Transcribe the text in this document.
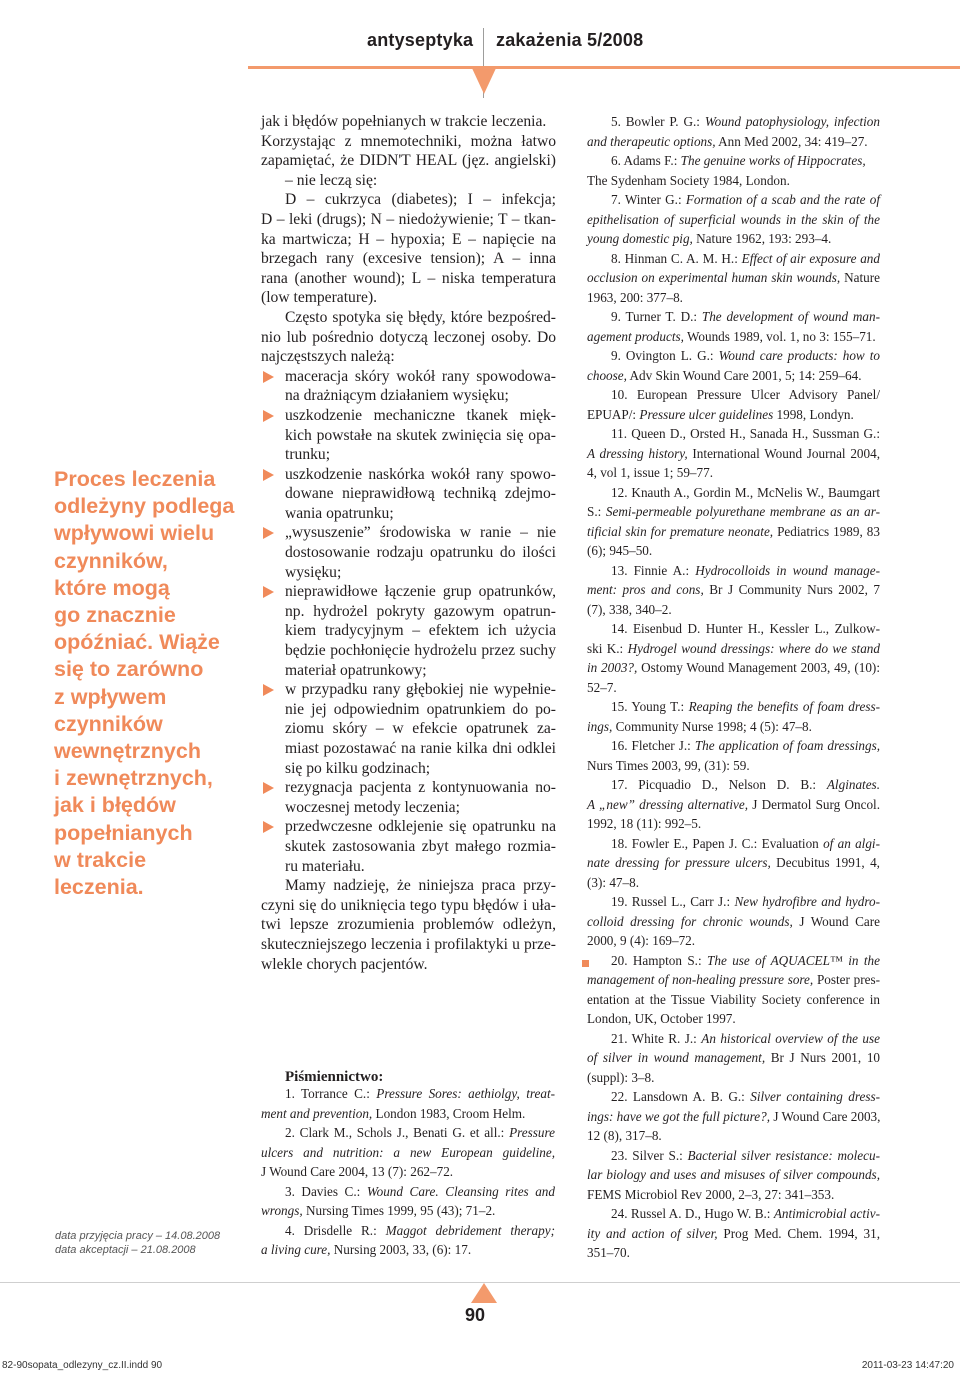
antyseptyka zakażenia 5/2008
Proces leczenia
odleżyny podlega
wpływowi wielu
czynników,
które mogą
go znacznie
opóźniać. Wiąże
się to zarówno
z wpływem
czynników
wewnętrznych
i zewnętrznych,
jak i błędów
popełnianych
w trakcie
leczenia.
data przyjęcia pracy – 14.08.2008
data akceptacji – 21.08.2008
jak i błędów popełnianych w trakcie leczenia.
Korzystając z mnemotechniki, można łatwo
zapamiętać, że DIDN'T HEAL (jęz. angielski)
– nie leczą się:
D – cukrzyca (diabetes); I – infekcja;
D – leki (drugs); N – niedożywienie; T – tkan-
ka martwicza; H – hypoxia; E – napięcie na
brzegach rany (excesive tension); A – inna
rana (another wound); L – niska temperatura
(low temperature).
Często spotyka się błędy, które bezpośred-
nio lub pośrednio dotyczą leczonej osoby. Do
najczęstszych należą:
maceracja skóry wokół rany spowodowa-
na drażniącym działaniem wysięku;
uszkodzenie mechaniczne tkanek mięk-
kich powstałe na skutek zwinięcia się opa-
trunku;
uszkodzenie naskórka wokół rany spowo-
dowane nieprawidłową techniką zdejmo-
wania opatrunku;
„wysuszenie” środowiska w ranie – nie
dostosowanie rodzaju opatrunku do ilości
wysięku;
nieprawidłowe łączenie grup opatrunków,
np. hydrożel pokryty gazowym opatrun-
kiem tradycyjnym – efektem ich użycia
będzie pochłonięcie hydrożelu przez suchy
materiał opatrunkowy;
w przypadku rany głębokiej nie wypełnie-
nie jej odpowiednim opatrunkiem do po-
ziomu skóry – w efekcie opatrunek za-
miast pozostawać na ranie kilka dni odklei
się po kilku godzinach;
rezygnacja pacjenta z kontynuowania no-
woczesnej metody leczenia;
przedwczesne odklejenie się opatrunku na
skutek zastosowania zbyt małego rozmia-
ru materiału.
Mamy nadzieję, że niniejsza praca przy-
czyni się do uniknięcia tego typu błędów i uła-
twi lepsze zrozumienia problemów odleżyn,
skuteczniejszego leczenia i profilaktyki u prze-
wlekle chorych pacjentów.
Piśmiennictwo:
1. Torrance C.: Pressure Sores: aethiolgy, treat-
ment and prevention, London 1983, Croom Helm.
2. Clark M., Schols J., Benati G. et all.: Pressure
ulcers and nutrition: a new European guideline,
J Wound Care 2004, 13 (7): 262–72.
3. Davies C.: Wound Care. Cleansing rites and
wrongs, Nursing Times 1999, 95 (43); 71–2.
4. Drisdelle R.: Maggot debridement therapy;
a living cure, Nursing 2003, 33, (6): 17.
5. Bowler P. G.: Wound patophysiology, infection
and therapeutic options, Ann Med 2002, 34: 419–27.
6. Adams F.: The genuine works of Hippocrates,
The Sydenham Society 1984, London.
7. Winter G.: Formation of a scab and the rate of
epithelisation of superficial wounds in the skin of the
young domestic pig, Nature 1962, 193: 293–4.
8. Hinman C. A. M. H.: Effect of air exposure and
occlusion on experimental human skin wounds, Nature
1963, 200: 377–8.
9. Turner T. D.: The development of wound man-
agement products, Wounds 1989, vol. 1, no 3: 155–71.
9. Ovington L. G.: Wound care products: how to
choose, Adv Skin Wound Care 2001, 5; 14: 259–64.
10. European Pressure Ulcer Advisory Panel/
EPUAP/: Pressure ulcer guidelines 1998, Londyn.
11. Queen D., Orsted H., Sanada H., Sussman G.:
A dressing history, International Wound Journal 2004,
4, vol 1, issue 1; 59–77.
12. Knauth A., Gordin M., McNelis W., Baumgart
S.: Semi-permeable polyurethane membrane as an ar-
tificial skin for premature neonate, Pediatrics 1989, 83
(6); 945–50.
13. Finnie A.: Hydrocolloids in wound manage-
ment: pros and cons, Br J Community Nurs 2002, 7
(7), 338, 340–2.
14. Eisenbud D. Hunter H., Kessler L., Zulkow-
ski K.: Hydrogel wound dressings: where do we stand
in 2003?, Ostomy Wound Management 2003, 49, (10):
52–7.
15. Young T.: Reaping the benefits of foam dress-
ings, Community Nurse 1998; 4 (5): 47–8.
16. Fletcher J.: The application of foam dressings,
Nurs Times 2003, 99, (31): 59.
17. Picquadio D., Nelson D. B.: Alginates.
A „new” dressing alternative, J Dermatol Surg Oncol.
1992, 18 (11): 992–5.
18. Fowler E., Papen J. C.: Evaluation of an algi-
nate dressing for pressure ulcers, Decubitus 1991, 4,
(3): 47–8.
19. Russel L., Carr J.: New hydrofibre and hydro-
colloid dressing for chronic wounds, J Wound Care
2000, 9 (4): 169–72.
20. Hampton S.: The use of AQUACEL™ in the
management of non-healing pressure sore, Poster pres-
entation at the Tissue Viability Society conference in
London, UK, October 1997.
21. White R. J.: An historical overview of the use
of silver in wound management, Br J Nurs 2001, 10
(suppl): 3–8.
22. Lansdown A. B. G.: Silver containing dress-
ings: have we got the full picture?, J Wound Care 2003,
12 (8), 317–8.
23. Silver S.: Bacterial silver resistance: molecu-
lar biology and uses and misuses of silver compounds,
FEMS Microbiol Rev 2000, 2–3, 27: 341–353.
24. Russel A. D., Hugo W. B.: Antimicrobial activ-
ity and action of silver, Prog Med. Chem. 1994, 31,
351–70.
90
82-90sopata_odlezyny_cz.II.indd 90	2011-03-23 14:47:20
